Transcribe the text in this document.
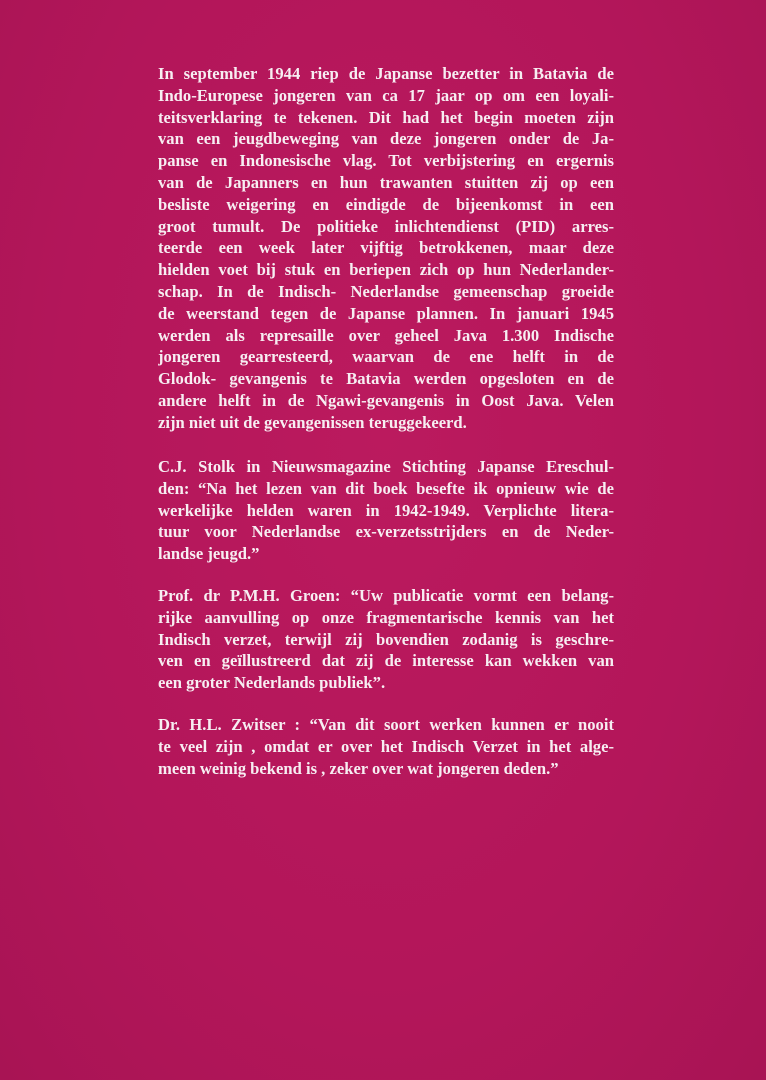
In september 1944 riep de Japanse bezetter in Batavia de
Indo-Europese jongeren van ca 17 jaar op om een loyali-
teitsverklaring te tekenen. Dit had het begin moeten zijn
van een jeugdbeweging van deze jongeren onder de Ja-
panse en Indonesische vlag. Tot verbijstering en ergernis
van de Japanners en hun trawanten stuitten zij op een
besliste weigering en eindigde de bijeenkomst in een
groot tumult. De politieke inlichtendienst (PID) arres-
teerde een week later vijftig betrokkenen, maar deze
hielden voet bij stuk en beriepen zich op hun Nederlander-
schap. In de Indisch- Nederlandse gemeenschap groeide
de weerstand tegen de Japanse plannen. In januari 1945
werden als represaille over geheel Java 1.300 Indische
jongeren gearresteerd, waarvan de ene helft in de
Glodok- gevangenis te Batavia werden opgesloten en de
andere helft in de Ngawi-gevangenis in Oost Java. Velen
zijn niet uit de gevangenissen teruggekeerd.
C.J. Stolk in Nieuwsmagazine Stichting Japanse Ereschul-
den: “Na het lezen van dit boek besefte ik opnieuw wie de
werkelijke helden waren in 1942-1949. Verplichte litera-
tuur voor Nederlandse ex-verzetsstrijders en de Neder-
landse jeugd.”
Prof. dr P.M.H. Groen: “Uw publicatie vormt een belang-
rijke aanvulling op onze fragmentarische kennis van het
Indisch verzet, terwijl zij bovendien zodanig is geschre-
ven en geïllustreerd dat zij de interesse kan wekken van
een groter Nederlands publiek”.
Dr. H.L. Zwitser : “Van dit soort werken kunnen er nooit
te veel zijn , omdat er over het Indisch Verzet in het alge-
meen weinig bekend is , zeker over wat jongeren deden.”
